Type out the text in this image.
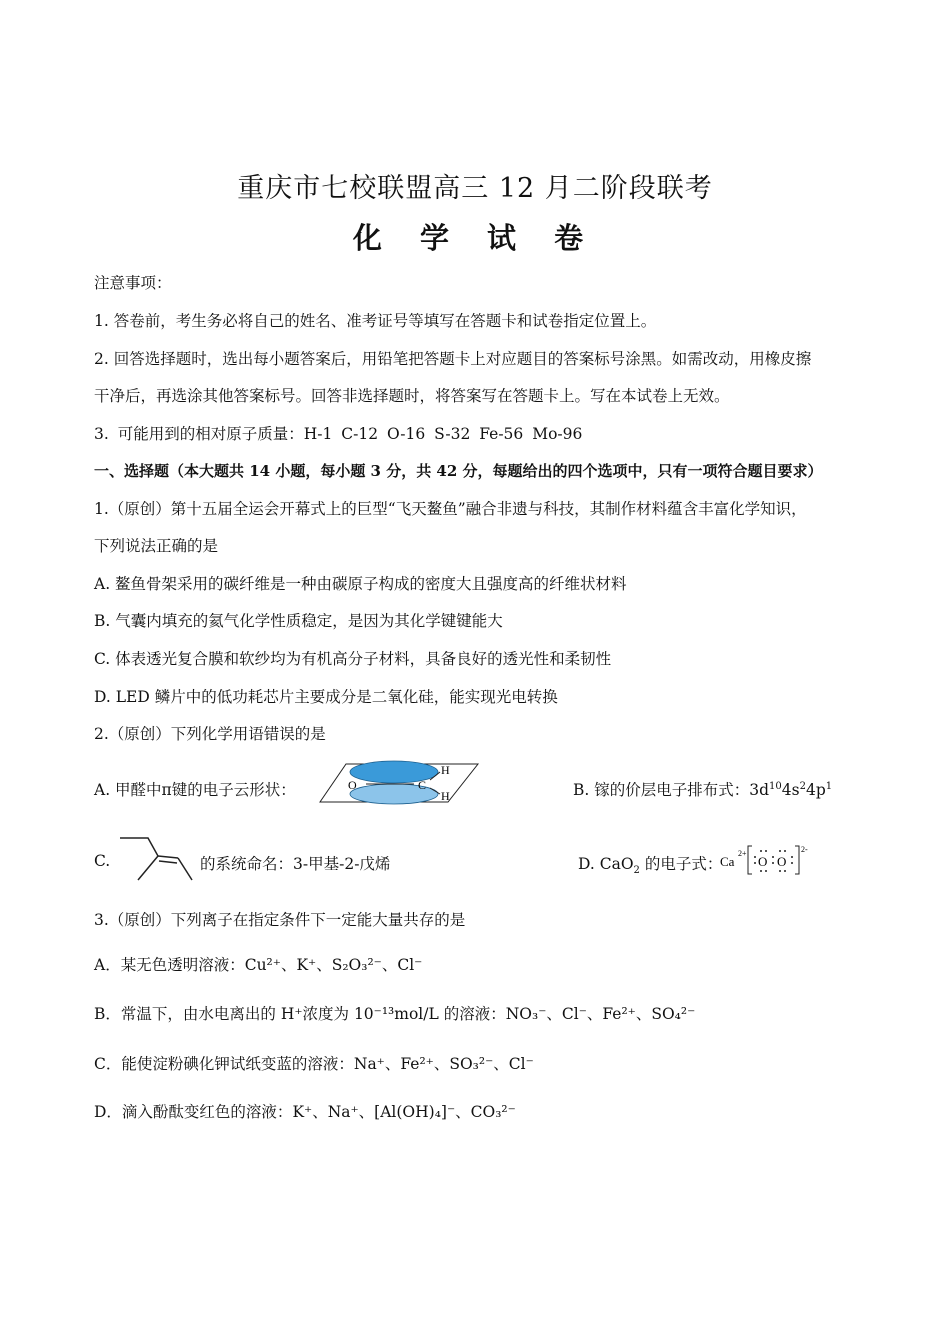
重庆市七校联盟高三 12 月二阶段联考
化 学 试 卷
注意事项：
1. 答卷前，考生务必将自己的姓名、准考证号等填写在答题卡和试卷指定位置上。
2. 回答选择题时，选出每小题答案后，用铅笔把答题卡上对应题目的答案标号涂黑。如需改动，用橡皮擦
干净后，再选涂其他答案标号。回答非选择题时，将答案写在答题卡上。写在本试卷上无效。
3. 可能用到的相对原子质量：H-1 C-12 O-16 S-32 Fe-56 Mo-96
一、选择题（本大题共 14 小题，每小题 3 分，共 42 分，每题给出的四个选项中，只有一项符合题目要求）
1.（原创）第十五届全运会开幕式上的巨型“飞天鳌鱼”融合非遗与科技，其制作材料蕴含丰富化学知识，
下列说法正确的是
A. 鳌鱼骨架采用的碳纤维是一种由碳原子构成的密度大且强度高的纤维状材料
B. 气囊内填充的氦气化学性质稳定，是因为其化学键键能大
C. 体表透光复合膜和软纱均为有机高分子材料，具备良好的透光性和柔韧性
D. LED 鳞片中的低功耗芯片主要成分是二氧化硅，能实现光电转换
2.（原创）下列化学用语错误的是
A. 甲醛中π键的电子云形状：	O	C
H
H	B. 镓的价层电子排布式：$3d^{10}4s^24p^1$
C.	的系统命名：3-甲基-2-戊烯	D. CaO$_2$ 的电子式：
Ca
2+
O O
2-
3.（原创）下列离子在指定条件下一定能大量共存的是
A．某无色透明溶液：Cu²⁺、K⁺、S₂O₃²⁻、Cl⁻
B．常温下，由水电离出的 H⁺浓度为 10⁻¹³mol/L 的溶液：NO₃⁻、Cl⁻、Fe²⁺、SO₄²⁻
C．能使淀粉碘化钾试纸变蓝的溶液：Na⁺、Fe²⁺、SO₃²⁻、Cl⁻
D．滴入酚酞变红色的溶液：K⁺、Na⁺、[Al(OH)₄]⁻、CO₃²⁻
